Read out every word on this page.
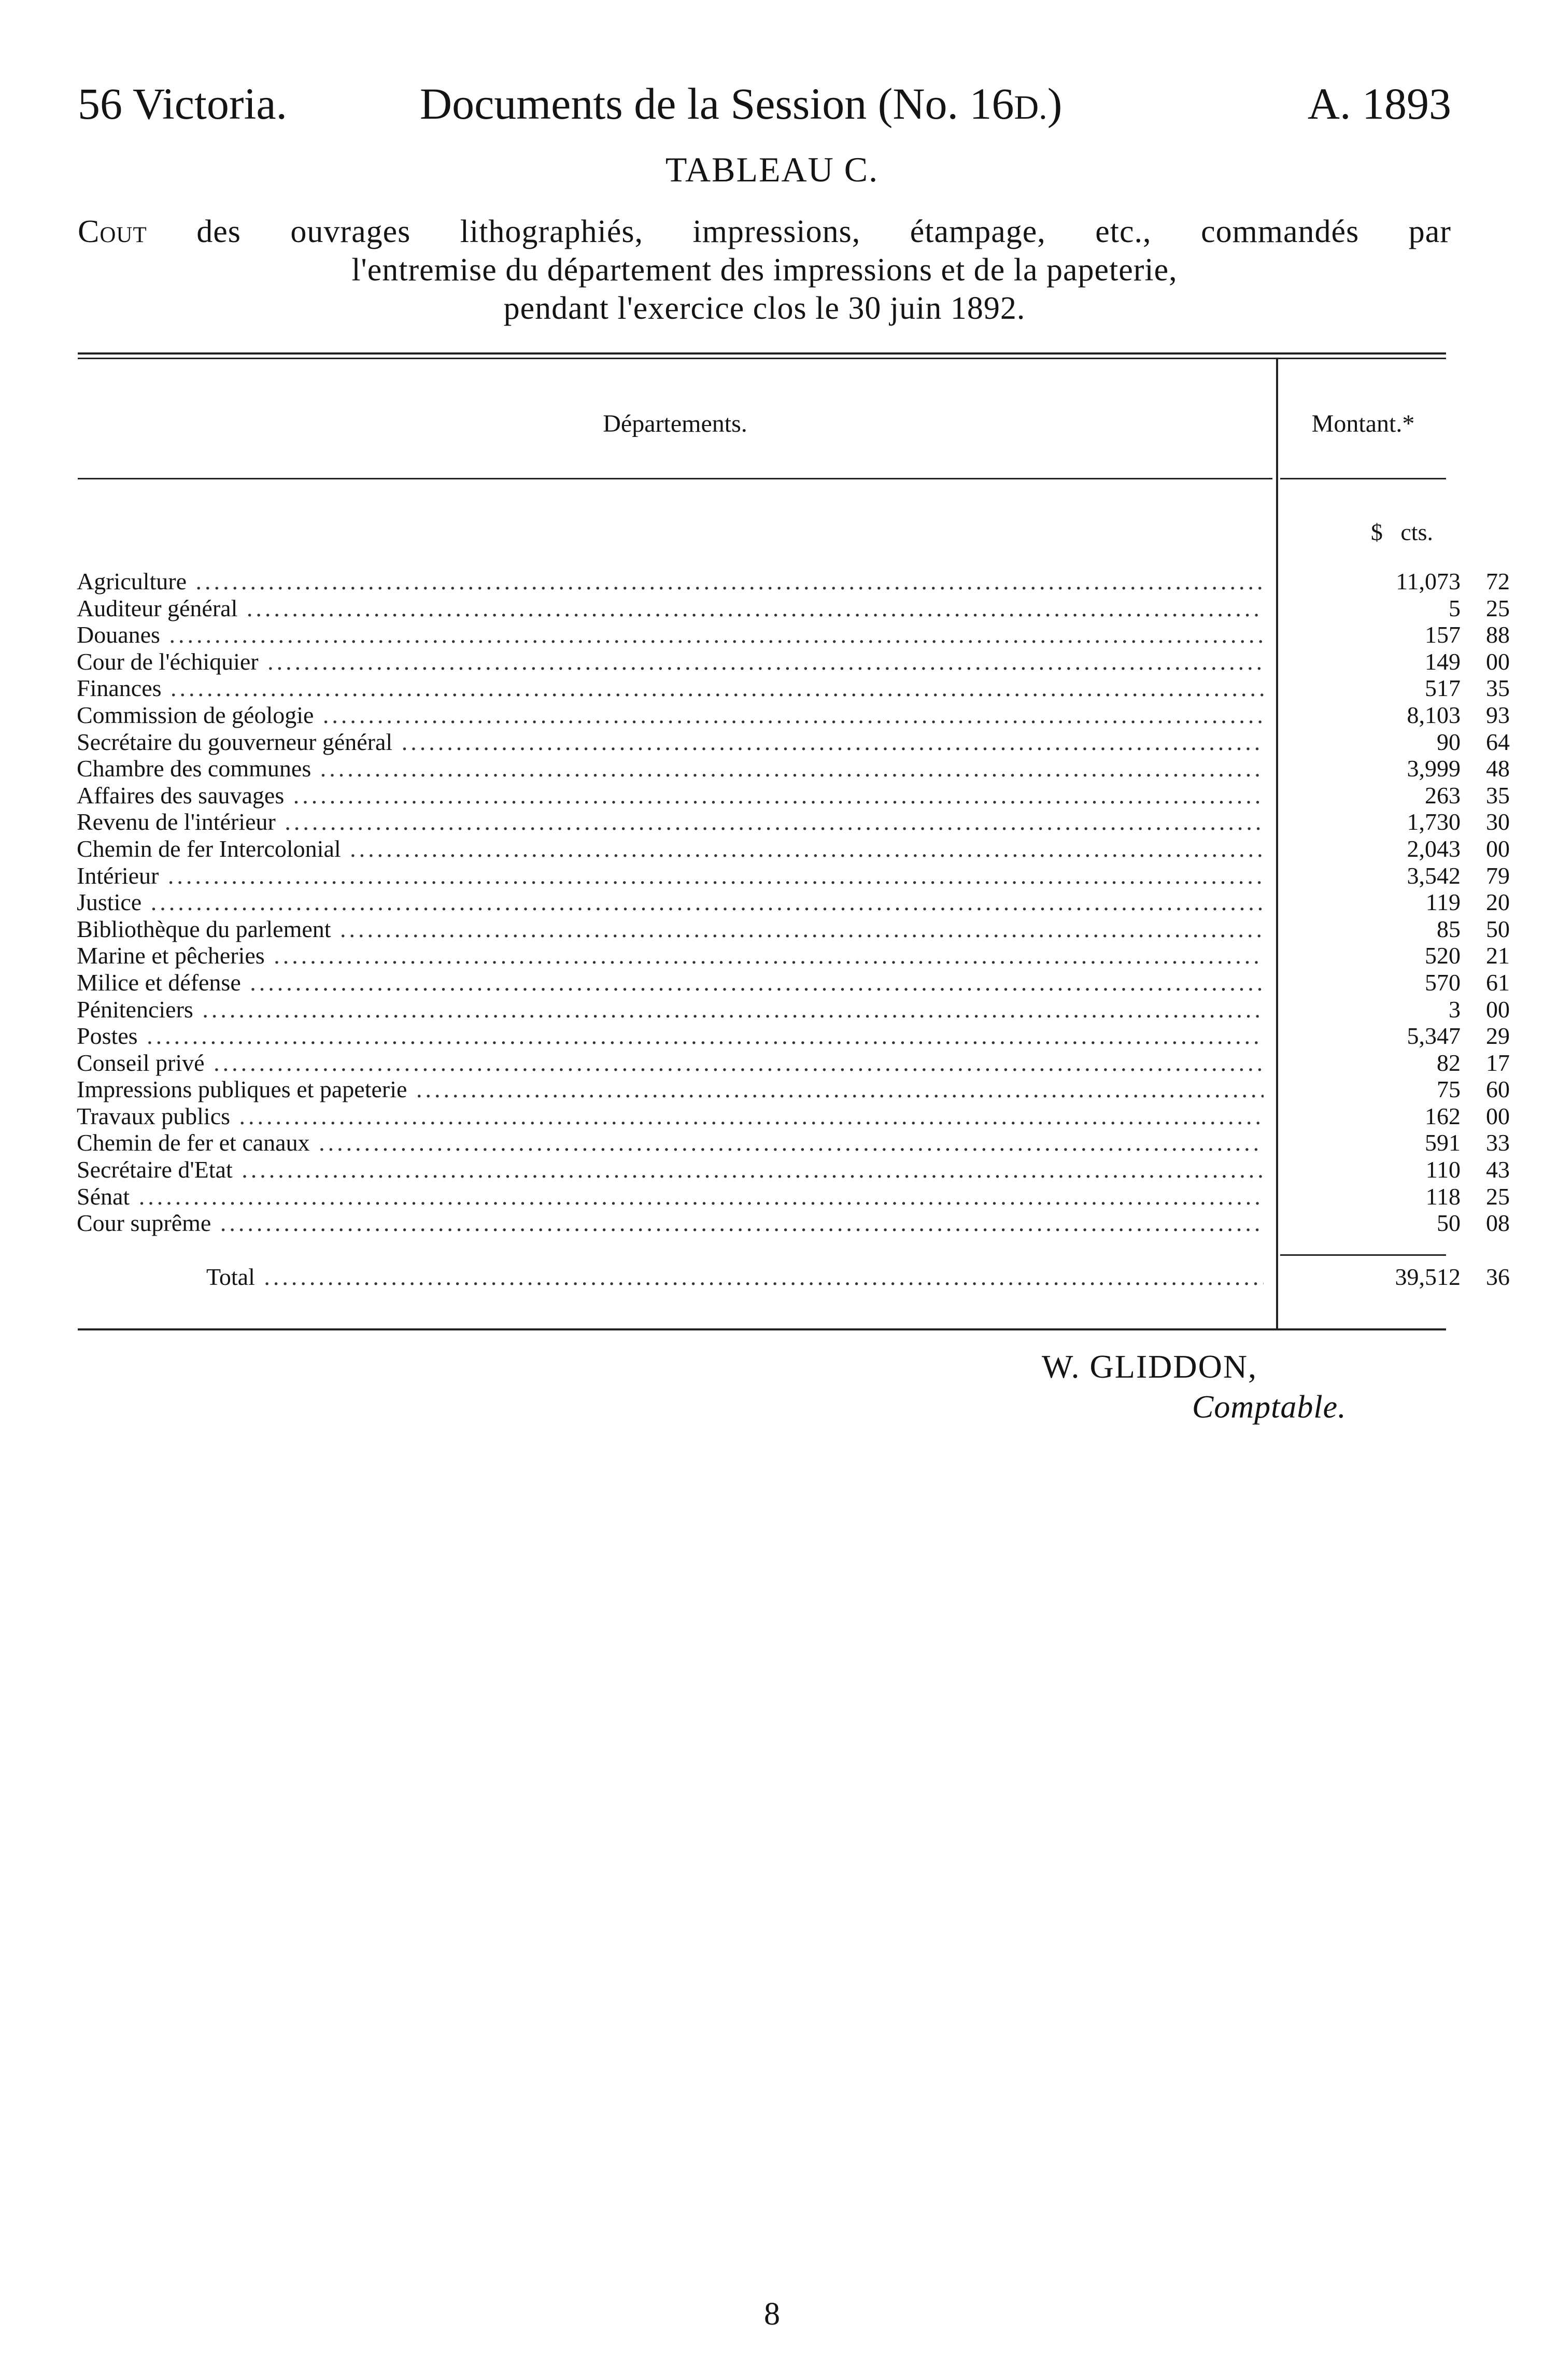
56 Victoria.	Documents de la Session (No. 16D.)	A. 1893
TABLEAU C.
Cout des ouvrages lithographiés, impressions, étampage, etc., commandés par
l'entremise du département des impressions et de la papeterie,
pendant l'exercice clos le 30 juin 1892.
Départements.	Montant.*
$   cts.
Agriculture .....	11,073	72
Auditeur général .....	5	25
Douanes .....	157	88
Cour de l'échiquier .....	149	00
Finances .....	517	35
Commission de géologie .....	8,103	93
Secrétaire du gouverneur général .....	90	64
Chambre des communes .....	3,999	48
Affaires des sauvages .....	263	35
Revenu de l'intérieur .....	1,730	30
Chemin de fer Intercolonial .....	2,043	00
Intérieur .....	3,542	79
Justice .....	119	20
Bibliothèque du parlement .....	85	50
Marine et pêcheries .....	520	21
Milice et défense .....	570	61
Pénitenciers .....	3	00
Postes .....	5,347	29
Conseil privé .....	82	17
Impressions publiques et papeterie .....	75	60
Travaux publics .....	162	00
Chemin de fer et canaux .....	591	33
Secrétaire d'Etat .....	110	43
Sénat .....	118	25
Cour suprême .....	50	08
Total .....	39,512	36
W. GLIDDON,
Comptable.
8
